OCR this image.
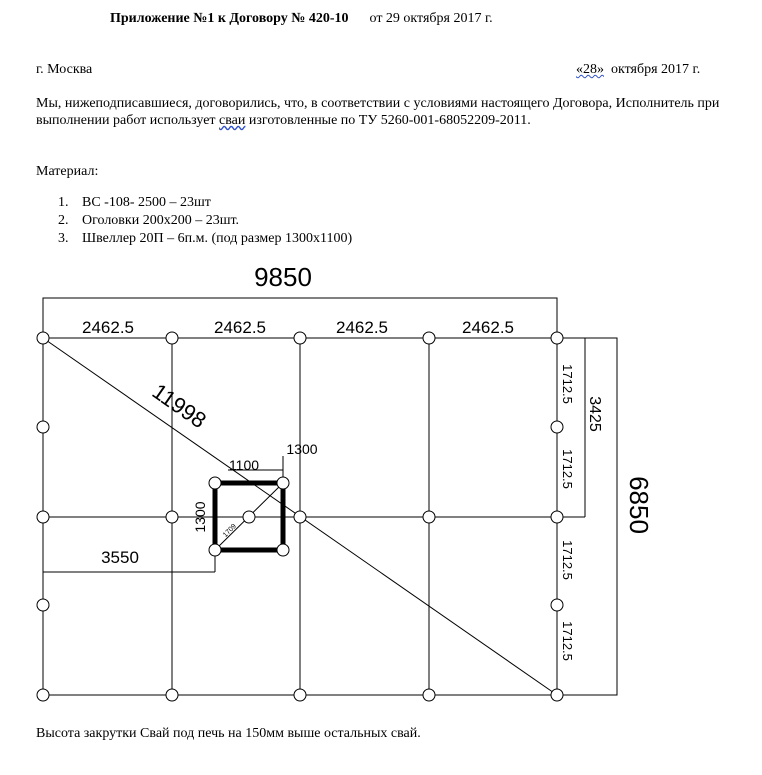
Приложение №1 к Договору № 420-10 от 29 октября 2017 г.
г. Москва	«28» октября 2017 г.
Мы, нижеподписавшиеся, договорились, что, в соответствии с условиями настоящего Договора, Исполнитель при выполнении работ использует сваи изготовленные по ТУ 5260-001-68052209-2011.
Материал:
1. ВС -108- 2500 – 23шт
2. Оголовки 200х200 – 23шт.
3. Швеллер 20П – 6п.м. (под размер 1300х1100)
9850
2462.5	2462.5	2462.5	2462.5
11998	1712.5
1712.5
1712.5
1712.5
3425
6850
1100
1300
1300 1709
3550
Высота закрутки Свай под печь на 150мм выше остальных свай.
